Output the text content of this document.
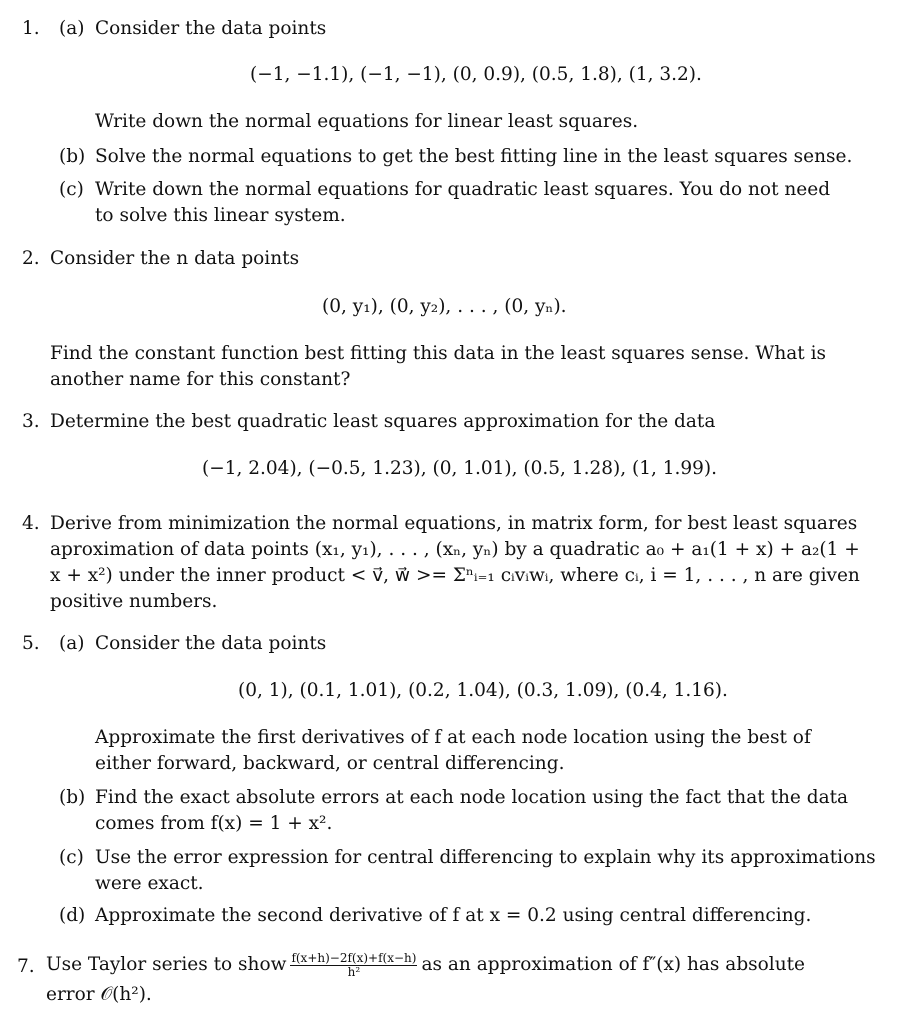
1. (a) Consider the data points
(−1, −1.1), (−1, −1), (0, 0.9), (0.5, 1.8), (1, 3.2).
Write down the normal equations for linear least squares.
(b) Solve the normal equations to get the best fitting line in the least squares sense.
(c) Write down the normal equations for quadratic least squares. You do not need
to solve this linear system.
2. Consider the n data points
(0, y₁), (0, y₂), . . . , (0, yₙ).
Find the constant function best fitting this data in the least squares sense. What is
another name for this constant?
3. Determine the best quadratic least squares approximation for the data
(−1, 2.04), (−0.5, 1.23), (0, 1.01), (0.5, 1.28), (1, 1.99).
4. Derive from minimization the normal equations, in matrix form, for best least squares
aproximation of data points (x₁, y₁), . . . , (xₙ, yₙ) by a quadratic a₀ + a₁(1 + x) + a₂(1 +
x + x²) under the inner product < v⃗, w⃗ >= Σⁿᵢ₌₁ cᵢvᵢwᵢ, where cᵢ, i = 1, . . . , n are given
positive numbers.
5. (a) Consider the data points
(0, 1), (0.1, 1.01), (0.2, 1.04), (0.3, 1.09), (0.4, 1.16).
Approximate the first derivatives of f at each node location using the best of
either forward, backward, or central differencing.
(b) Find the exact absolute errors at each node location using the fact that the data
comes from f(x) = 1 + x².
(c) Use the error expression for central differencing to explain why its approximations
were exact.
(d) Approximate the second derivative of f at x = 0.2 using central differencing.
7. Use Taylor series to show $\frac{f(x+h)-2f(x)+f(x-h)}{\text{h²}}$ as an approximation of f″(x) has absolute
error 𝒪(h²).
